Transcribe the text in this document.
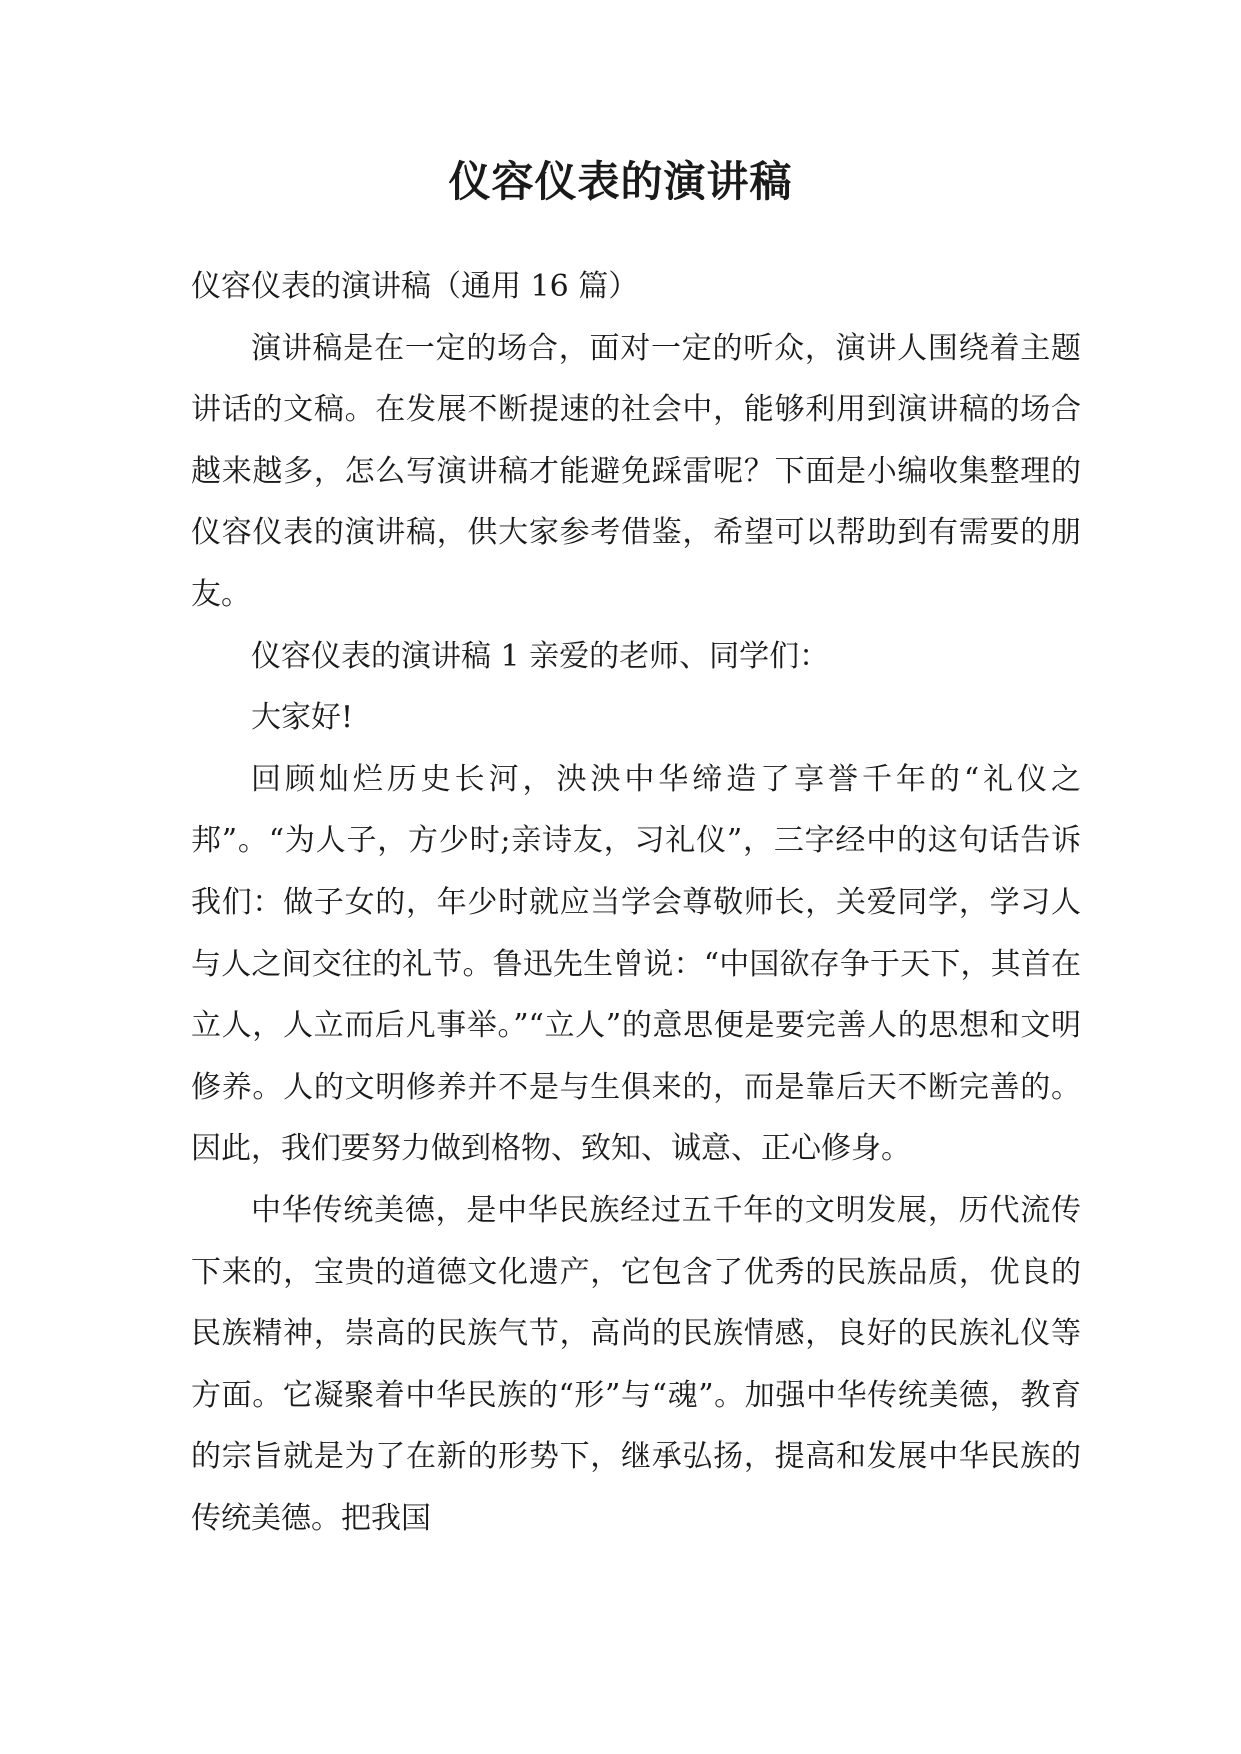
仪容仪表的演讲稿

仪容仪表的演讲稿（通用 16 篇）

演讲稿是在一定的场合，面对一定的听众，演讲人围绕着主题讲话的文稿。在发展不断提速的社会中，能够利用到演讲稿的场合越来越多，怎么写演讲稿才能避免踩雷呢？下面是小编收集整理的仪容仪表的演讲稿，供大家参考借鉴，希望可以帮助到有需要的朋友。

仪容仪表的演讲稿 1 亲爱的老师、同学们：

大家好!

回顾灿烂历史长河，泱泱中华缔造了享誉千年的“礼仪之邦”。“为人子，方少时;亲诗友，习礼仪”，三字经中的这句话告诉我们：做子女的，年少时就应当学会尊敬师长，关爱同学，学习人与人之间交往的礼节。鲁迅先生曾说：“中国欲存争于天下，其首在立人，人立而后凡事举。”“立人”的意思便是要完善人的思想和文明修养。人的文明修养并不是与生俱来的，而是靠后天不断完善的。因此，我们要努力做到格物、致知、诚意、正心修身。

中华传统美德，是中华民族经过五千年的文明发展，历代流传下来的，宝贵的道德文化遗产，它包含了优秀的民族品质，优良的民族精神，崇高的民族气节，高尚的民族情感，良好的民族礼仪等方面。它凝聚着中华民族的“形”与“魂”。加强中华传统美德，教育的宗旨就是为了在新的形势下，继承弘扬，提高和发展中华民族的传统美德。把我国
